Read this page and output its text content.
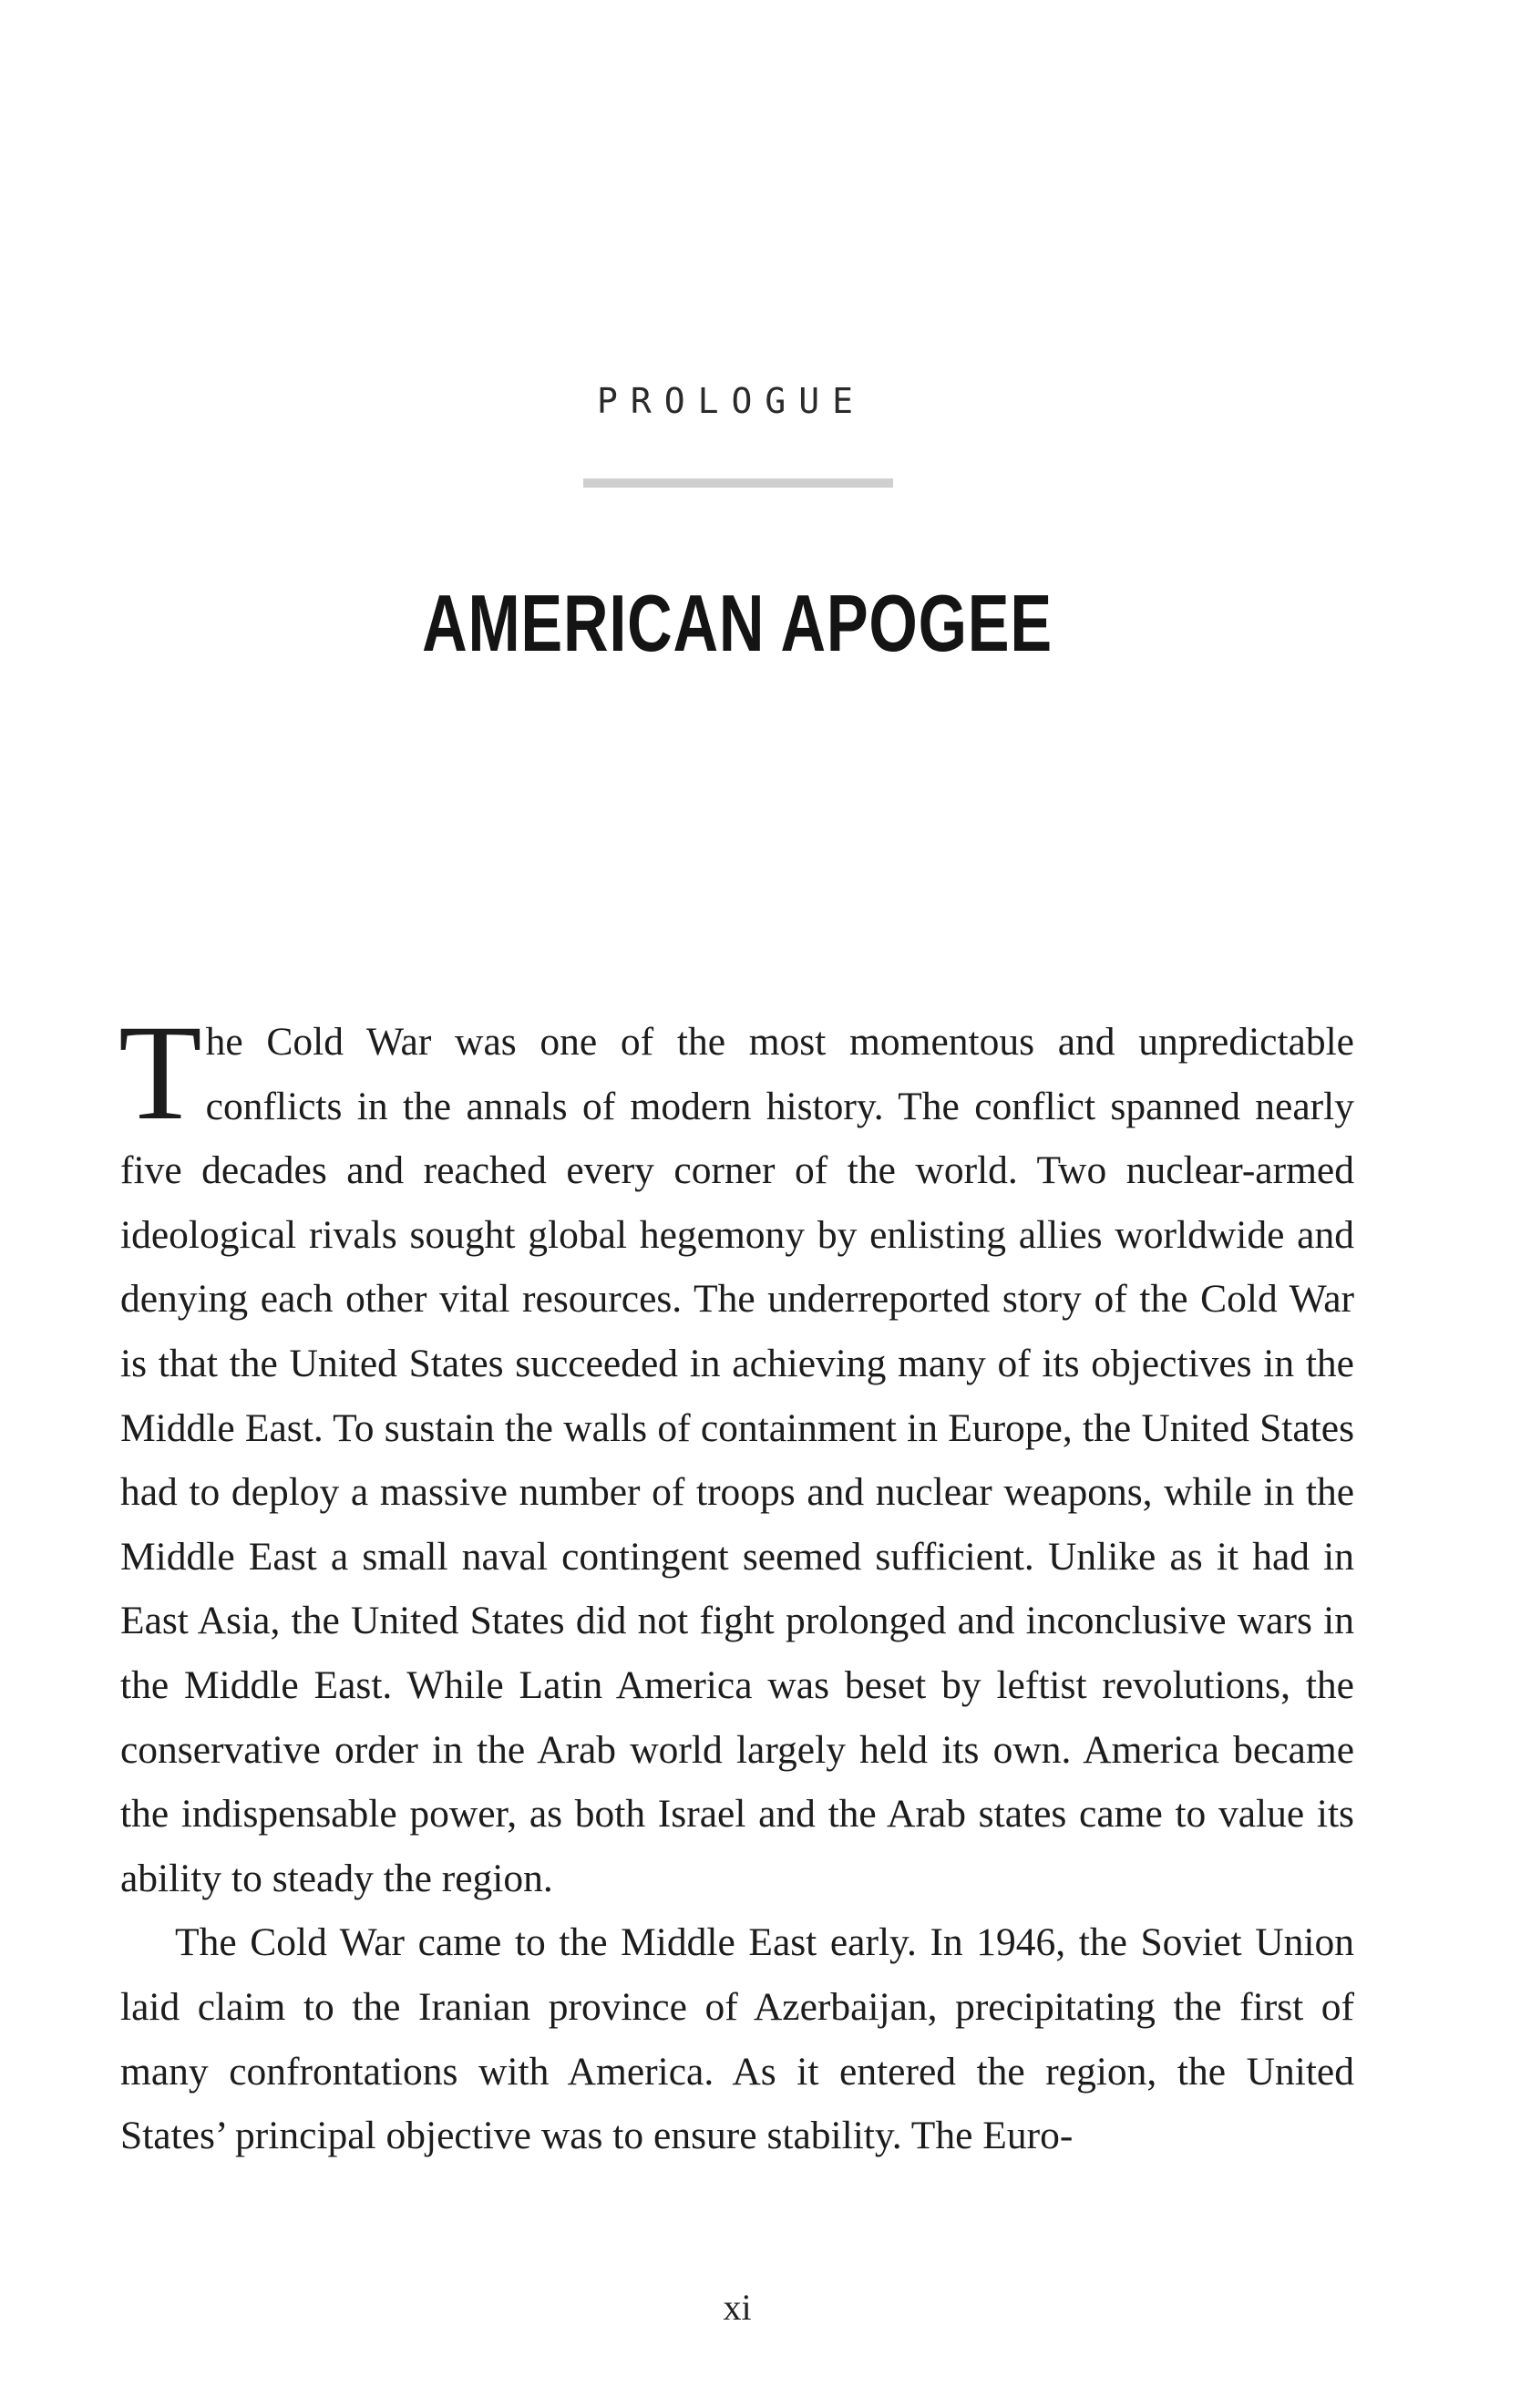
PROLOGUE
AMERICAN APOGEE

The Cold War was one of the most momentous and unpredictable conflicts in the annals of modern history. The conflict spanned nearly five decades and reached every corner of the world. Two nuclear-armed ideological rivals sought global hegemony by enlisting allies worldwide and denying each other vital resources. The underreported story of the Cold War is that the United States succeeded in achieving many of its objectives in the Middle East. To sustain the walls of containment in Europe, the United States had to deploy a massive number of troops and nuclear weapons, while in the Middle East a small naval contingent seemed sufficient. Unlike as it had in East Asia, the United States did not fight prolonged and inconclusive wars in the Middle East. While Latin America was beset by leftist revolutions, the conservative order in the Arab world largely held its own. America became the indispensable power, as both Israel and the Arab states came to value its ability to steady the region.

The Cold War came to the Middle East early. In 1946, the Soviet Union laid claim to the Iranian province of Azerbaijan, precipitating the first of many confrontations with America. As it entered the region, the United States’ principal objective was to ensure stability. The Euro-

xi
